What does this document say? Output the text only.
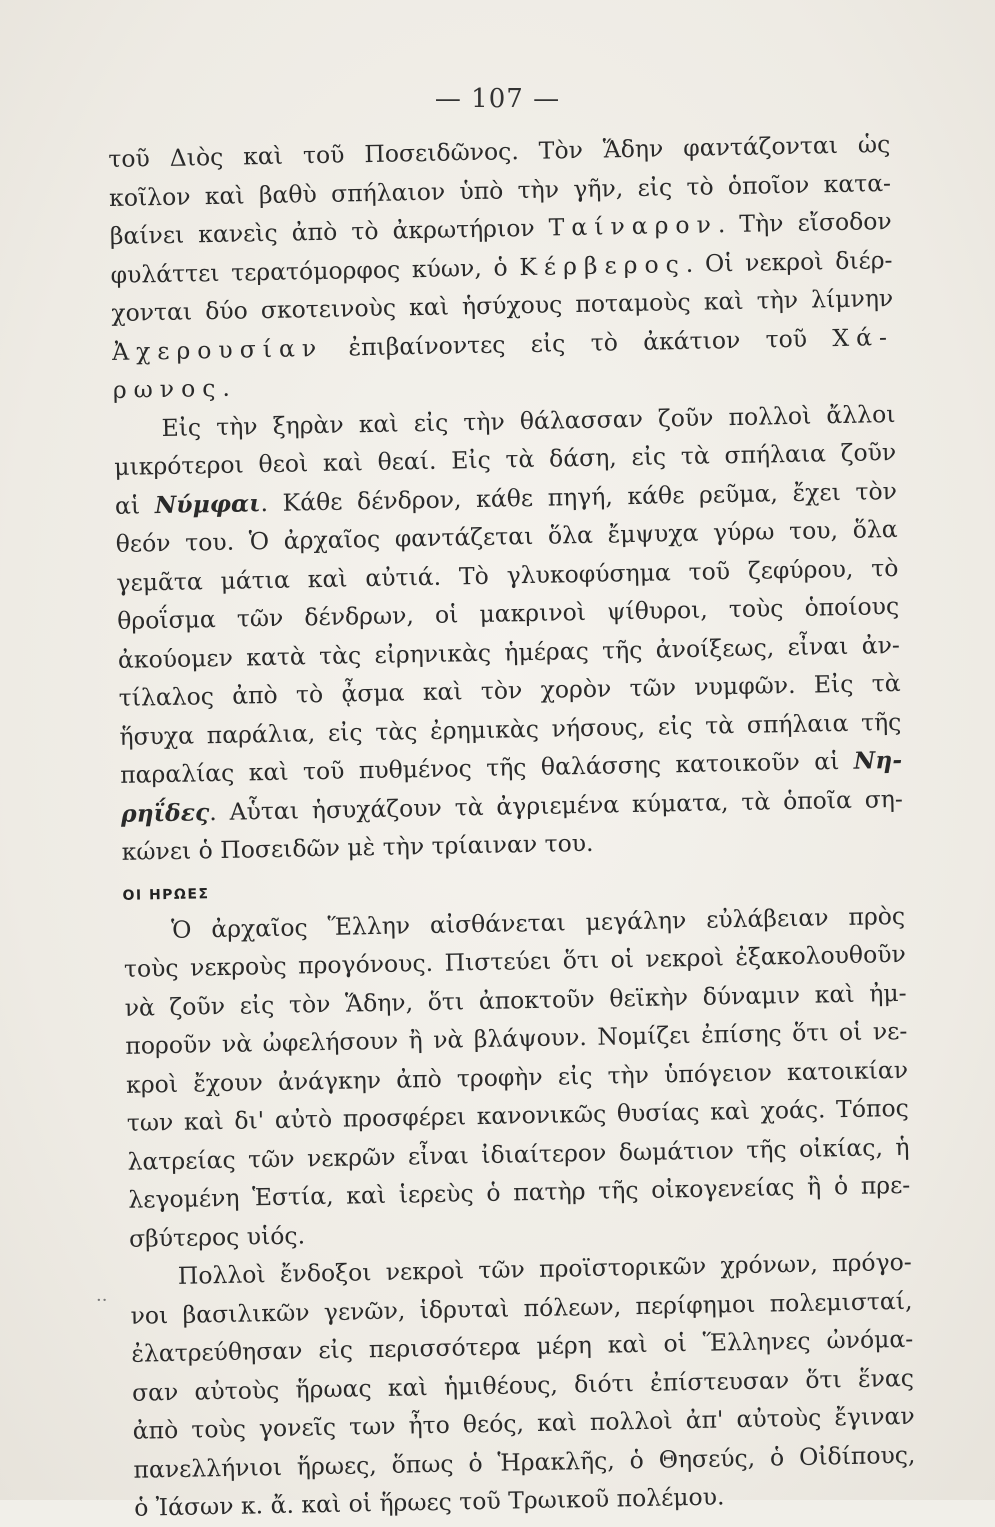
— 107 —
τοῦ Διὸς καὶ τοῦ Ποσειδῶνος. Τὸν Ἅδην φαντάζονται ὡς
κοῖλον καὶ βαθὺ σπήλαιον ὑπὸ τὴν γῆν, εἰς τὸ ὁποῖον κατα-
βαίνει κανεὶς ἀπὸ τὸ ἀκρωτήριον Ταίναρον. Τὴν εἴσοδον
φυλάττει τερατόμορφος κύων, ὁ Κέρβερος. Οἱ νεκροὶ διέρ-
χονται δύο σκοτεινοὺς καὶ ἡσύχους ποταμοὺς καὶ τὴν λίμνην
Ἀχερουσίαν ἐπιβαίνοντες εἰς τὸ ἀκάτιον τοῦ Χά-
ρωνος.
Εἰς τὴν ξηρὰν καὶ εἰς τὴν θάλασσαν ζοῦν πολλοὶ ἄλλοι
μικρότεροι θεοὶ καὶ θεαί. Εἰς τὰ δάση, εἰς τὰ σπήλαια ζοῦν
αἱ Νύμφαι. Κάθε δένδρον, κάθε πηγή, κάθε ρεῦμα, ἔχει τὸν
θεόν του. Ὁ ἀρχαῖος φαντάζεται ὅλα ἔμψυχα γύρω του, ὅλα
γεμᾶτα μάτια καὶ αὐτιά. Τὸ γλυκοφύσημα τοῦ ζεφύρου, τὸ
θροΐσμα τῶν δένδρων, οἱ μακρινοὶ ψίθυροι, τοὺς ὁποίους
ἀκούομεν κατὰ τὰς εἰρηνικὰς ἡμέρας τῆς ἀνοίξεως, εἶναι ἀν-
τίλαλος ἀπὸ τὸ ᾆσμα καὶ τὸν χορὸν τῶν νυμφῶν. Εἰς τὰ
ἥσυχα παράλια, εἰς τὰς ἐρημικὰς νήσους, εἰς τὰ σπήλαια τῆς
παραλίας καὶ τοῦ πυθμένος τῆς θαλάσσης κατοικοῦν αἱ Νη-
ρηΐδες. Αὗται ἡσυχάζουν τὰ ἀγριεμένα κύματα, τὰ ὁποῖα ση-
κώνει ὁ Ποσειδῶν μὲ τὴν τρίαιναν του.
ΟΙ ΗΡΩΕΣ
Ὁ ἀρχαῖος Ἕλλην αἰσθάνεται μεγάλην εὐλάβειαν πρὸς
τοὺς νεκροὺς προγόνους. Πιστεύει ὅτι οἱ νεκροὶ ἐξακολουθοῦν
νὰ ζοῦν εἰς τὸν Ἅδην, ὅτι ἀποκτοῦν θεϊκὴν δύναμιν καὶ ἠμ-
ποροῦν νὰ ὠφελήσουν ἢ νὰ βλάψουν. Νομίζει ἐπίσης ὅτι οἱ νε-
κροὶ ἔχουν ἀνάγκην ἀπὸ τροφὴν εἰς τὴν ὑπόγειον κατοικίαν
των καὶ δι' αὐτὸ προσφέρει κανονικῶς θυσίας καὶ χοάς. Τόπος
λατρείας τῶν νεκρῶν εἶναι ἰδιαίτερον δωμάτιον τῆς οἰκίας, ἡ
λεγομένη Ἑστία, καὶ ἱερεὺς ὁ πατὴρ τῆς οἰκογενείας ἢ ὁ πρε-
σβύτερος υἱός.
Πολλοὶ ἔνδοξοι νεκροὶ τῶν προϊστορικῶν χρόνων, πρόγο-
νοι βασιλικῶν γενῶν, ἱδρυταὶ πόλεων, περίφημοι πολεμισταί,
ἐλατρεύθησαν εἰς περισσότερα μέρη καὶ οἱ Ἕλληνες ὠνόμα-
σαν αὐτοὺς ἥρωας καὶ ἡμιθέους, διότι ἐπίστευσαν ὅτι ἕνας
ἀπὸ τοὺς γονεῖς των ἦτο θεός, καὶ πολλοὶ ἀπ' αὐτοὺς ἔγιναν
πανελλήνιοι ἥρωες, ὅπως ὁ Ἡρακλῆς, ὁ Θησεύς, ὁ Οἰδίπους,
ὁ Ἰάσων κ. ἄ. καὶ οἱ ἥρωες τοῦ Τρωικοῦ πολέμου.
··
